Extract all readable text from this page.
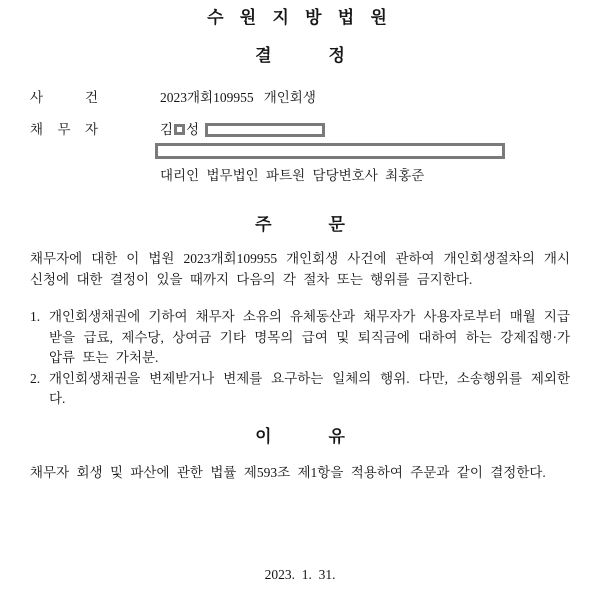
수 원 지 방 법 원
결	정
사	건	2023개회109955   개인회생
채 무 자	김 성
대리인 법무법인 파트원 담당변호사 최홍준
주	문

채무자에 대한 이 법원 2023개회109955 개인회생 사건에 관하여 개인회생절차의 개시 신청에 대한 결정이 있을 때까지 다음의 각 절차 또는 행위를 금지한다.

1. 개인회생채권에 기하여 채무자 소유의 유체동산과 채무자가 사용자로부터 매월 지급받을 급료, 제수당, 상여금 기타 명목의 급여 및 퇴직금에 대하여 하는 강제집행·가압류 또는 가처분.
2. 개인회생채권을 변제받거나 변제를 요구하는 일체의 행위. 다만, 소송행위를 제외한다.
이	유

채무자 회생 및 파산에 관한 법률 제593조 제1항을 적용하여 주문과 같이 결정한다.

2023.  1.  31.
